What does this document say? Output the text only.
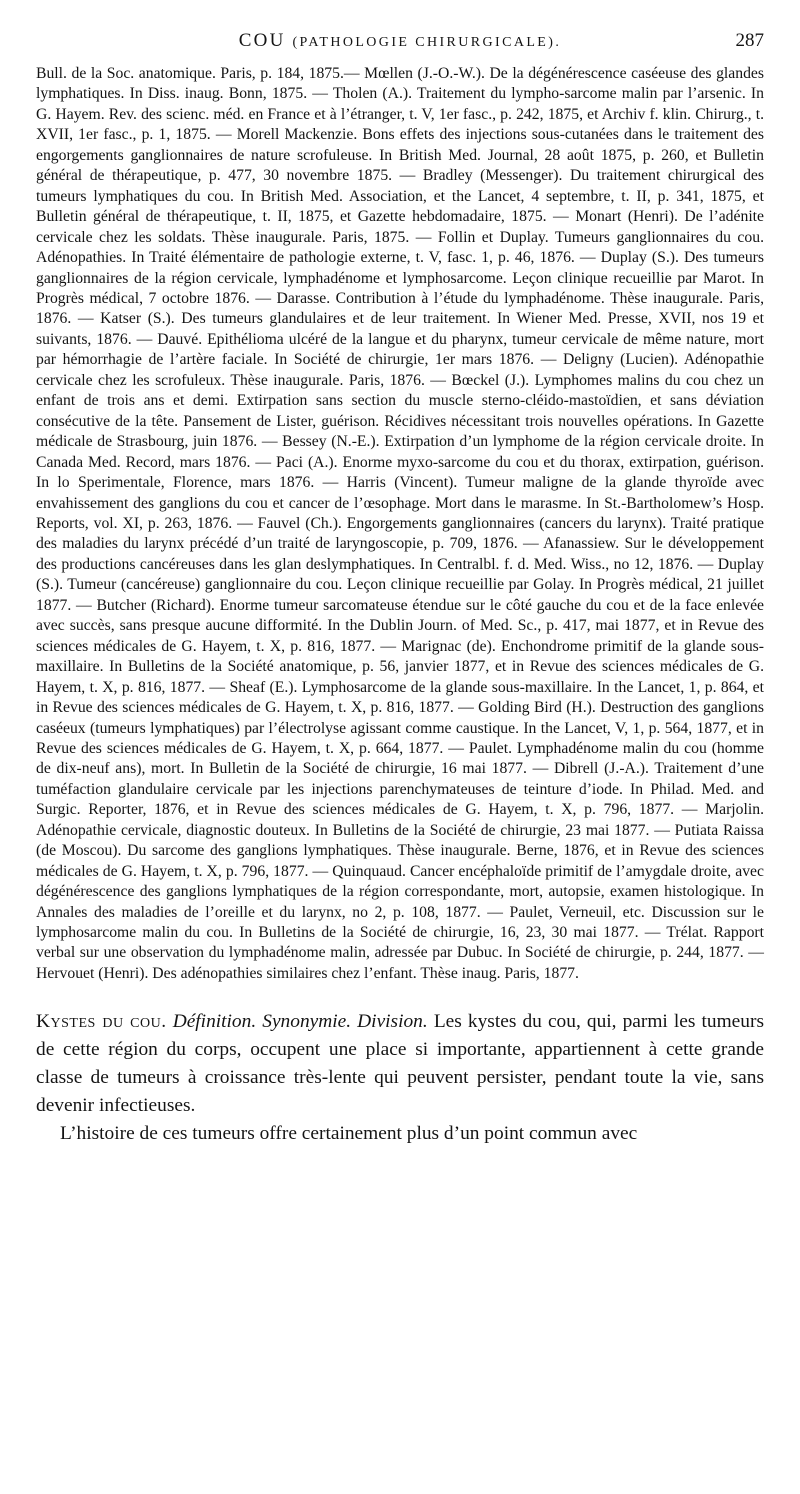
COU (PATHOLOGIE CHIRURGICALE).	287

Bull. de la Soc. anatomique. Paris, p. 184, 1875.— Mœllen (J.-O.-W.). De la dégénérescence caséeuse des glandes lymphatiques. In Diss. inaug. Bonn, 1875. — Tholen (A.). Traitement du lympho-sarcome malin par l’arsenic. In G. Hayem. Rev. des scienc. méd. en France et à l’étranger, t. V, 1er fasc., p. 242, 1875, et Archiv f. klin. Chirurg., t. XVII, 1er fasc., p. 1, 1875. — Morell Mackenzie. Bons effets des injections sous-cutanées dans le traitement des engorgements ganglionnaires de nature scrofuleuse. In British Med. Journal, 28 août 1875, p. 260, et Bulletin général de thérapeutique, p. 477, 30 novembre 1875. — Bradley (Messenger). Du traitement chirurgical des tumeurs lymphatiques du cou. In British Med. Association, et the Lancet, 4 septembre, t. II, p. 341, 1875, et Bulletin général de thérapeutique, t. II, 1875, et Gazette hebdomadaire, 1875. — Monart (Henri). De l’adénite cervicale chez les soldats. Thèse inaugurale. Paris, 1875. — Follin et Duplay. Tumeurs ganglionnaires du cou. Adénopathies. In Traité élémentaire de pathologie externe, t. V, fasc. 1, p. 46, 1876. — Duplay (S.). Des tumeurs ganglionnaires de la région cervicale, lymphadénome et lymphosarcome. Leçon clinique recueillie par Marot. In Progrès médical, 7 octobre 1876. — Darasse. Contribution à l’étude du lymphadénome. Thèse inaugurale. Paris, 1876. — Katser (S.). Des tumeurs glandulaires et de leur traitement. In Wiener Med. Presse, XVII, nos 19 et suivants, 1876. — Dauvé. Epithélioma ulcéré de la langue et du pharynx, tumeur cervicale de même nature, mort par hémorrhagie de l’artère faciale. In Société de chirurgie, 1er mars 1876. — Deligny (Lucien). Adénopathie cervicale chez les scrofuleux. Thèse inaugurale. Paris, 1876. — Bœckel (J.). Lymphomes malins du cou chez un enfant de trois ans et demi. Extirpation sans section du muscle sterno-cléido-mastoïdien, et sans déviation consécutive de la tête. Pansement de Lister, guérison. Récidives nécessitant trois nouvelles opérations. In Gazette médicale de Strasbourg, juin 1876. — Bessey (N.-E.). Extirpation d’un lymphome de la région cervicale droite. In Canada Med. Record, mars 1876. — Paci (A.). Enorme myxo-sarcome du cou et du thorax, extirpation, guérison. In lo Sperimentale, Florence, mars 1876. — Harris (Vincent). Tumeur maligne de la glande thyroïde avec envahissement des ganglions du cou et cancer de l’œsophage. Mort dans le marasme. In St.-Bartholomew’s Hosp. Reports, vol. XI, p. 263, 1876. — Fauvel (Ch.). Engorgements ganglionnaires (cancers du larynx). Traité pratique des maladies du larynx précédé d’un traité de laryngoscopie, p. 709, 1876. — Afanassiew. Sur le développement des productions cancéreuses dans les glan deslymphatiques. In Centralbl. f. d. Med. Wiss., no 12, 1876. — Duplay (S.). Tumeur (cancéreuse) ganglionnaire du cou. Leçon clinique recueillie par Golay. In Progrès médical, 21 juillet 1877. — Butcher (Richard). Enorme tumeur sarcomateuse étendue sur le côté gauche du cou et de la face enlevée avec succès, sans presque aucune difformité. In the Dublin Journ. of Med. Sc., p. 417, mai 1877, et in Revue des sciences médicales de G. Hayem, t. X, p. 816, 1877. — Marignac (de). Enchondrome primitif de la glande sous-maxillaire. In Bulletins de la Société anatomique, p. 56, janvier 1877, et in Revue des sciences médicales de G. Hayem, t. X, p. 816, 1877. — Sheaf (E.). Lymphosarcome de la glande sous-maxillaire. In the Lancet, 1, p. 864, et in Revue des sciences médicales de G. Hayem, t. X, p. 816, 1877. — Golding Bird (H.). Destruction des ganglions caséeux (tumeurs lymphatiques) par l’électrolyse agissant comme caustique. In the Lancet, V, 1, p. 564, 1877, et in Revue des sciences médicales de G. Hayem, t. X, p. 664, 1877. — Paulet. Lymphadénome malin du cou (homme de dix-neuf ans), mort. In Bulletin de la Société de chirurgie, 16 mai 1877. — Dibrell (J.-A.). Traitement d’une tuméfaction glandulaire cervicale par les injections parenchymateuses de teinture d’iode. In Philad. Med. and Surgic. Reporter, 1876, et in Revue des sciences médicales de G. Hayem, t. X, p. 796, 1877. — Marjolin. Adénopathie cervicale, diagnostic douteux. In Bulletins de la Société de chirurgie, 23 mai 1877. — Putiata Raissa (de Moscou). Du sarcome des ganglions lymphatiques. Thèse inaugurale. Berne, 1876, et in Revue des sciences médicales de G. Hayem, t. X, p. 796, 1877. — Quinquaud. Cancer encéphaloïde primitif de l’amygdale droite, avec dégénérescence des ganglions lymphatiques de la région correspondante, mort, autopsie, examen histologique. In Annales des maladies de l’oreille et du larynx, no 2, p. 108, 1877. — Paulet, Verneuil, etc. Discussion sur le lymphosarcome malin du cou. In Bulletins de la Société de chirurgie, 16, 23, 30 mai 1877. — Trélat. Rapport verbal sur une observation du lymphadénome malin, adressée par Dubuc. In Société de chirurgie, p. 244, 1877. — Hervouet (Henri). Des adénopathies similaires chez l’enfant. Thèse inaug. Paris, 1877.

Kystes du cou. Définition. Synonymie. Division. Les kystes du cou, qui, parmi les tumeurs de cette région du corps, occupent une place si importante, appartiennent à cette grande classe de tumeurs à croissance très-lente qui peuvent persister, pendant toute la vie, sans devenir infectieuses.

L’histoire de ces tumeurs offre certainement plus d’un point commun avec
